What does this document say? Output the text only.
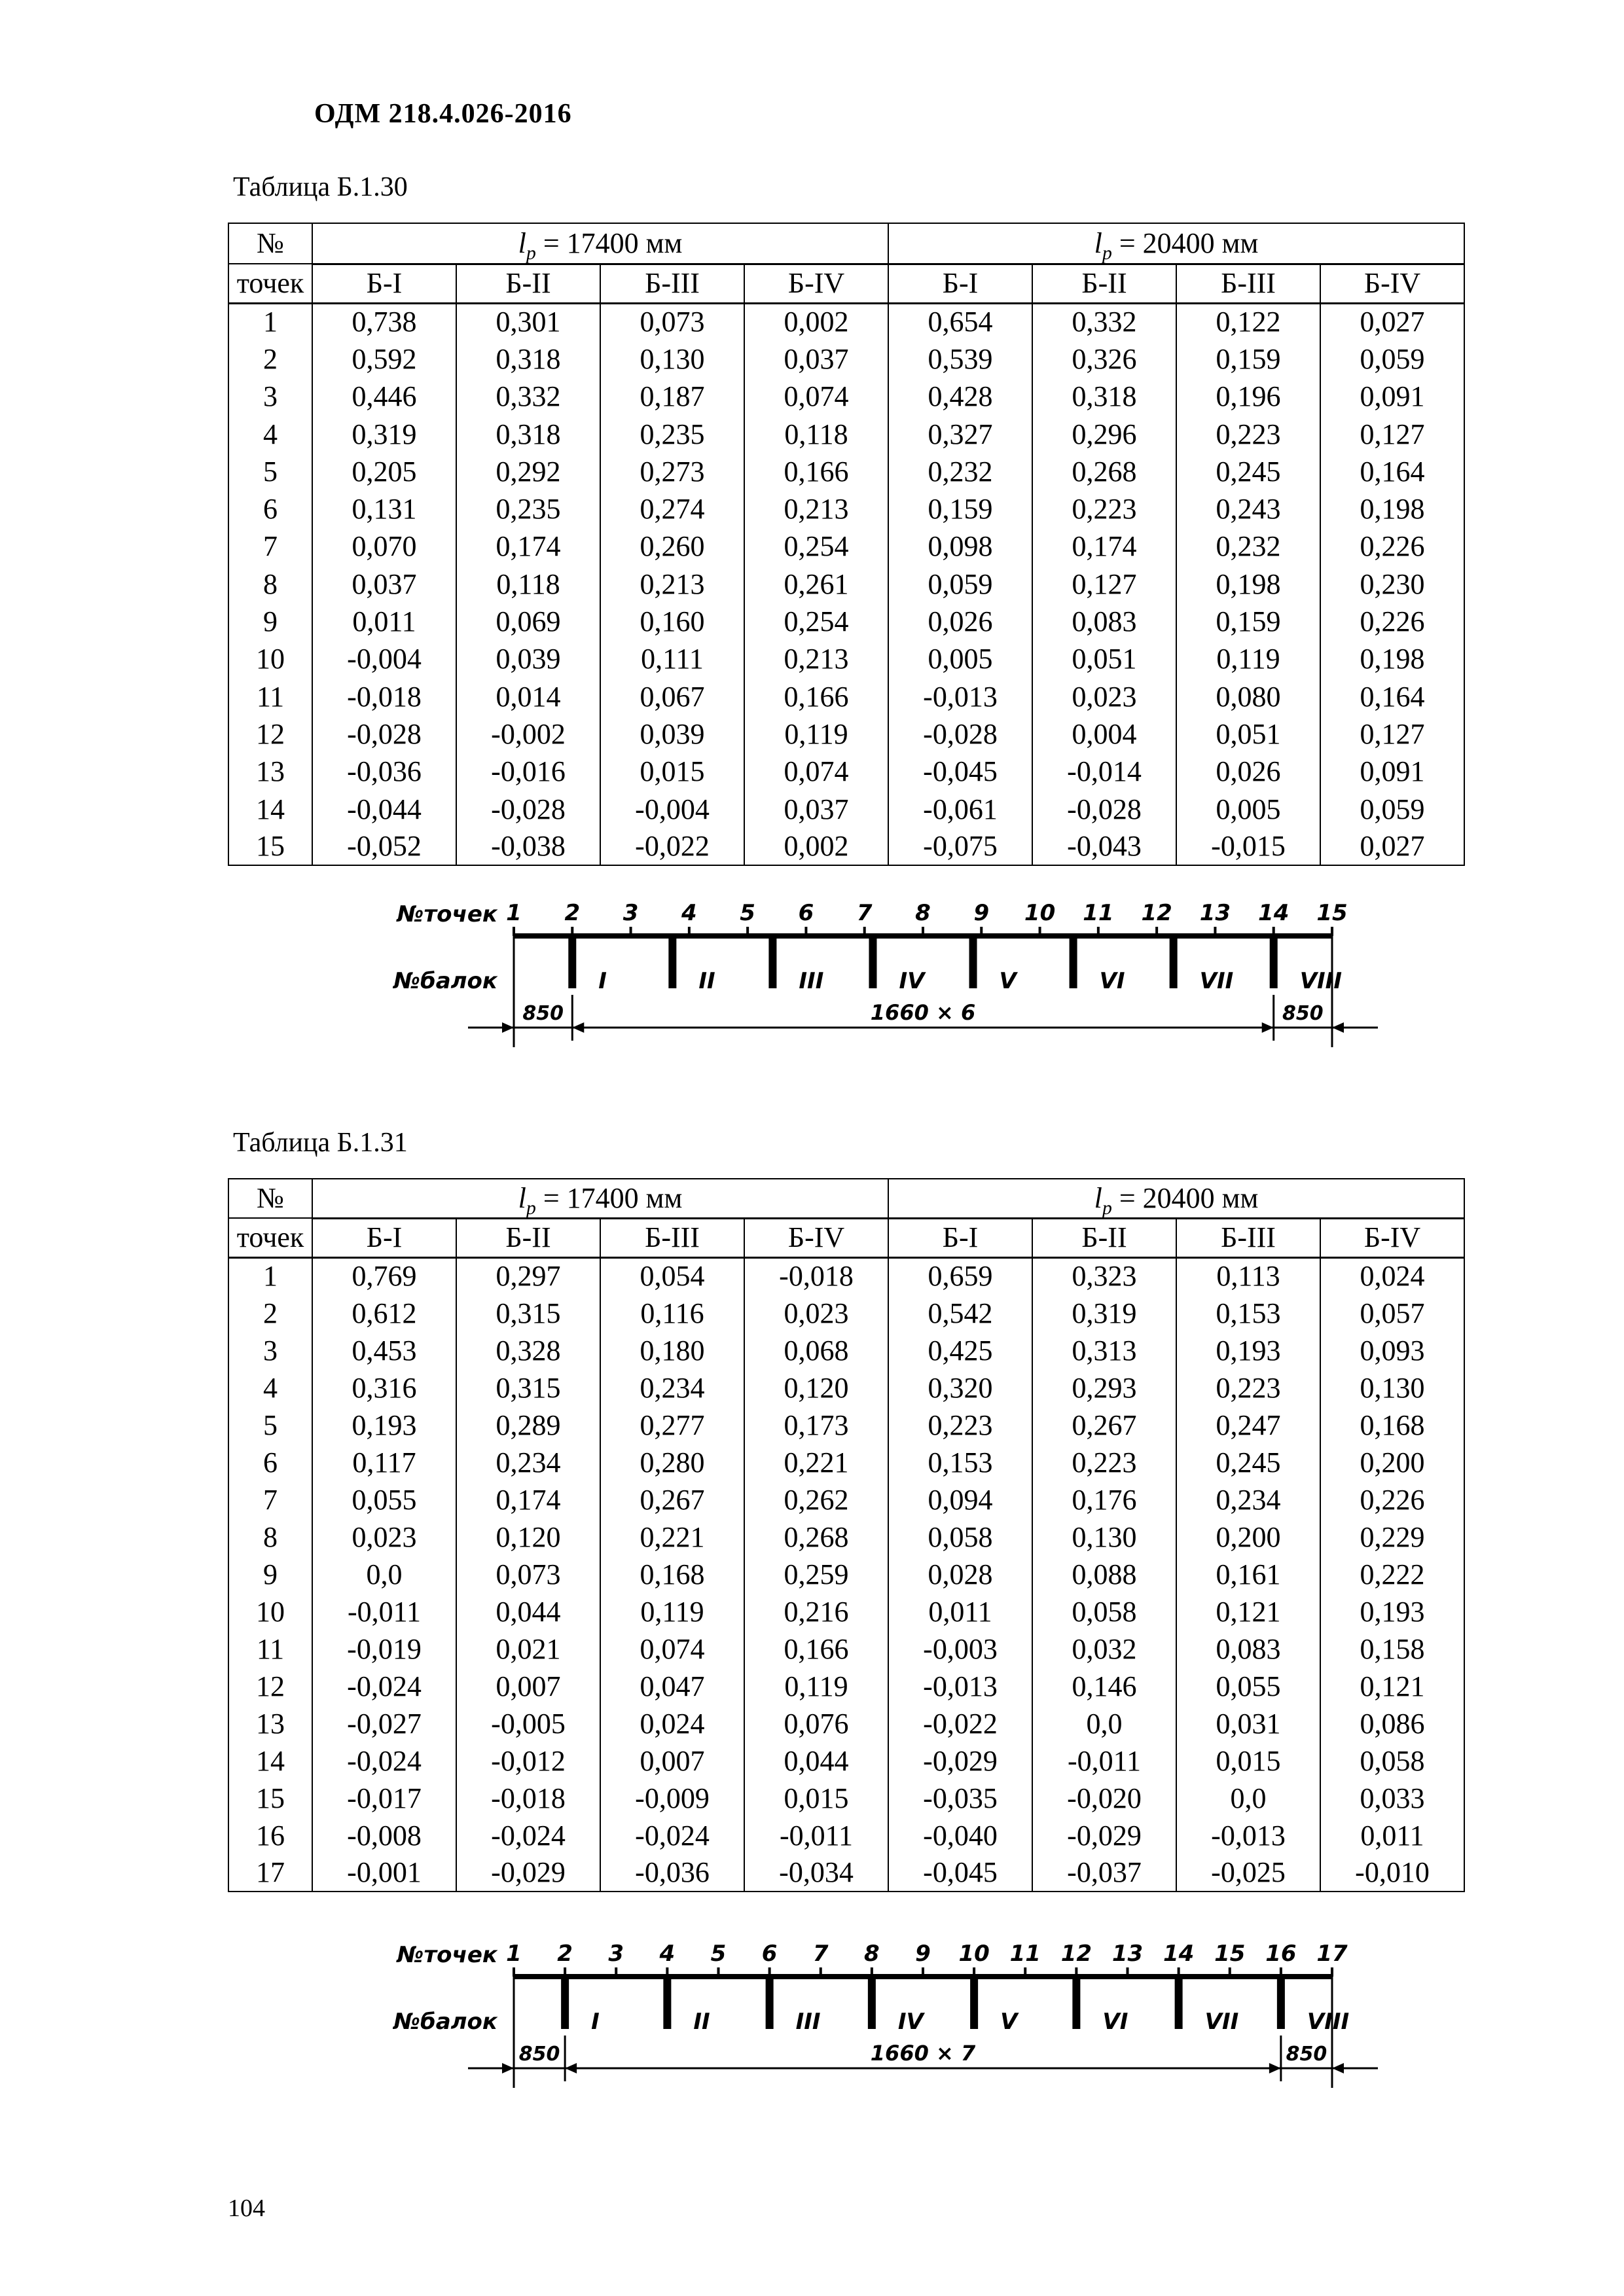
ОДМ 218.4.026-2016

Таблица Б.1.30

№	$l_p = 17400$ мм				$l_p = 20400$ мм			
точек	Б-I	Б-II	Б-III	Б-IV	Б-I	Б-II	Б-III	Б-IV
1	0,738	0,301	0,073	0,002	0,654	0,332	0,122	0,027
2	0,592	0,318	0,130	0,037	0,539	0,326	0,159	0,059
3	0,446	0,332	0,187	0,074	0,428	0,318	0,196	0,091
4	0,319	0,318	0,235	0,118	0,327	0,296	0,223	0,127
5	0,205	0,292	0,273	0,166	0,232	0,268	0,245	0,164
6	0,131	0,235	0,274	0,213	0,159	0,223	0,243	0,198
7	0,070	0,174	0,260	0,254	0,098	0,174	0,232	0,226
8	0,037	0,118	0,213	0,261	0,059	0,127	0,198	0,230
9	0,011	0,069	0,160	0,254	0,026	0,083	0,159	0,226
10	-0,004	0,039	0,111	0,213	0,005	0,051	0,119	0,198
11	-0,018	0,014	0,067	0,166	-0,013	0,023	0,080	0,164
12	-0,028	-0,002	0,039	0,119	-0,028	0,004	0,051	0,127
13	-0,036	-0,016	0,015	0,074	-0,045	-0,014	0,026	0,091
14	-0,044	-0,028	-0,004	0,037	-0,061	-0,028	0,005	0,059
15	-0,052	-0,038	-0,022	0,002	-0,075	-0,043	-0,015	0,027
№точек
№балок
1 2 3 4 5 6 7 8 9 10 11 12 13 14 15
I	II	III	IV	V	VI	VII	VIII
850	1660 × 6	850

Таблица Б.1.31

№	$l_p = 17400$ мм				$l_p = 20400$ мм			
точек	Б-I	Б-II	Б-III	Б-IV	Б-I	Б-II	Б-III	Б-IV
1	0,769	0,297	0,054	-0,018	0,659	0,323	0,113	0,024
2	0,612	0,315	0,116	0,023	0,542	0,319	0,153	0,057
3	0,453	0,328	0,180	0,068	0,425	0,313	0,193	0,093
4	0,316	0,315	0,234	0,120	0,320	0,293	0,223	0,130
5	0,193	0,289	0,277	0,173	0,223	0,267	0,247	0,168
6	0,117	0,234	0,280	0,221	0,153	0,223	0,245	0,200
7	0,055	0,174	0,267	0,262	0,094	0,176	0,234	0,226
8	0,023	0,120	0,221	0,268	0,058	0,130	0,200	0,229
9	0,0	0,073	0,168	0,259	0,028	0,088	0,161	0,222
10	-0,011	0,044	0,119	0,216	0,011	0,058	0,121	0,193
11	-0,019	0,021	0,074	0,166	-0,003	0,032	0,083	0,158
12	-0,024	0,007	0,047	0,119	-0,013	0,146	0,055	0,121
13	-0,027	-0,005	0,024	0,076	-0,022	0,0	0,031	0,086
14	-0,024	-0,012	0,007	0,044	-0,029	-0,011	0,015	0,058
15	-0,017	-0,018	-0,009	0,015	-0,035	-0,020	0,0	0,033
16	-0,008	-0,024	-0,024	-0,011	-0,040	-0,029	-0,013	0,011
17	-0,001	-0,029	-0,036	-0,034	-0,045	-0,037	-0,025	-0,010
№точек
№балок
1 2 3 4 5 6 7 8 9 10 11 12 13 14 15 16 17
I	II	III	IV	V	VI	VII	VIII
850	1660 × 7	850

104
